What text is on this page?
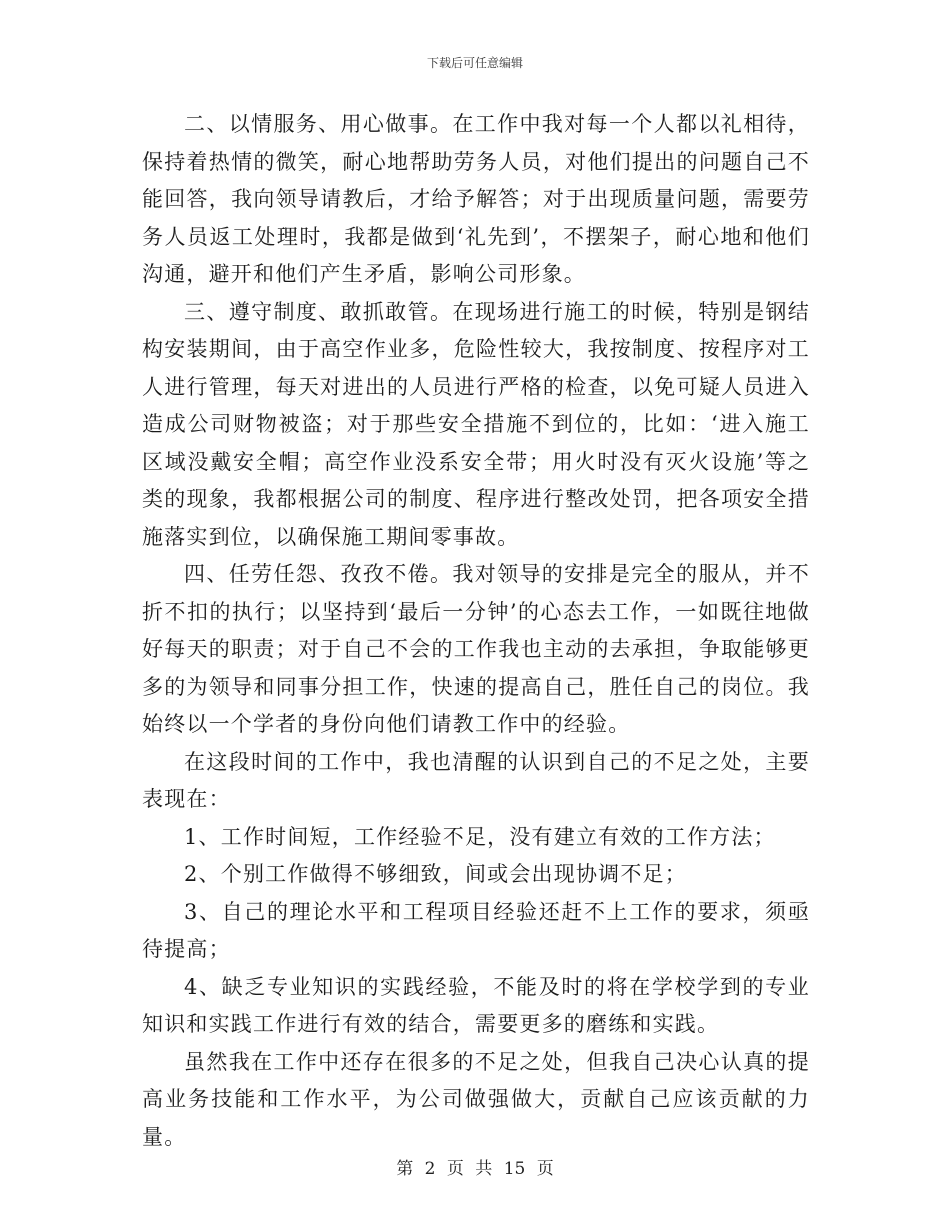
下载后可任意编辑

二、以情服务、用心做事。在工作中我对每一个人都以礼相待，保持着热情的微笑，耐心地帮助劳务人员，对他们提出的问题自己不能回答，我向领导请教后，才给予解答；对于出现质量问题，需要劳务人员返工处理时，我都是做到‘礼先到’，不摆架子，耐心地和他们沟通，避开和他们产生矛盾，影响公司形象。

三、遵守制度、敢抓敢管。在现场进行施工的时候，特别是钢结构安装期间，由于高空作业多，危险性较大，我按制度、按程序对工人进行管理，每天对进出的人员进行严格的检查，以免可疑人员进入造成公司财物被盗；对于那些安全措施不到位的，比如：‘进入施工区域没戴安全帽；高空作业没系安全带；用火时没有灭火设施’等之类的现象，我都根据公司的制度、程序进行整改处罚，把各项安全措施落实到位，以确保施工期间零事故。

四、任劳任怨、孜孜不倦。我对领导的安排是完全的服从，并不折不扣的执行；以坚持到‘最后一分钟’的心态去工作，一如既往地做好每天的职责；对于自己不会的工作我也主动的去承担，争取能够更多的为领导和同事分担工作，快速的提高自己，胜任自己的岗位。我始终以一个学者的身份向他们请教工作中的经验。

在这段时间的工作中，我也清醒的认识到自己的不足之处，主要表现在：

1、工作时间短，工作经验不足，没有建立有效的工作方法；

2、个别工作做得不够细致，间或会出现协调不足；

3、自己的理论水平和工程项目经验还赶不上工作的要求，须亟待提高；

4、缺乏专业知识的实践经验，不能及时的将在学校学到的专业知识和实践工作进行有效的结合，需要更多的磨练和实践。

虽然我在工作中还存在很多的不足之处，但我自己决心认真的提高业务技能和工作水平，为公司做强做大，贡献自己应该贡献的力量。

第 2 页 共 15 页
